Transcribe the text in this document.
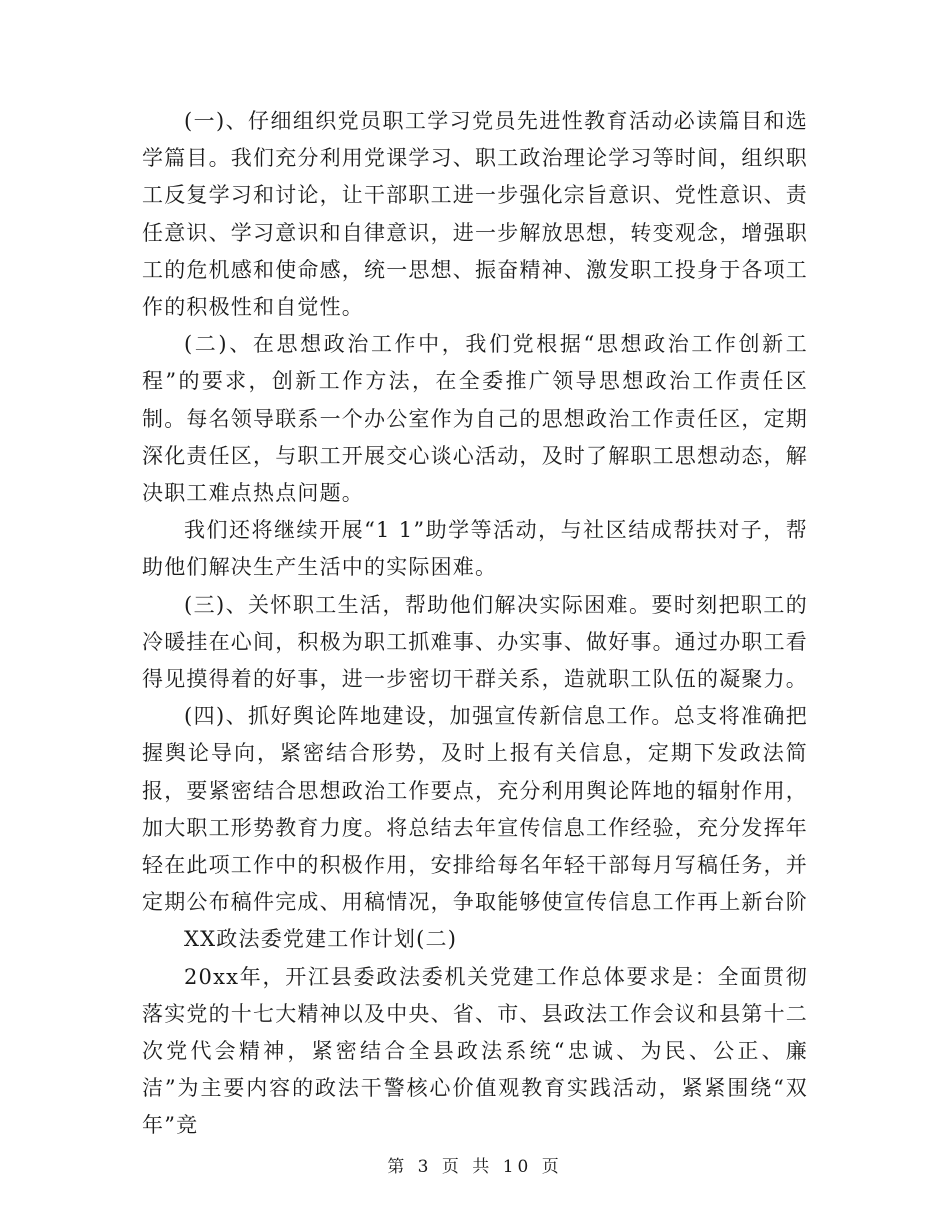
(一)、仔细组织党员职工学习党员先进性教育活动必读篇目和选学篇目。我们充分利用党课学习、职工政治理论学习等时间，组织职工反复学习和讨论，让干部职工进一步强化宗旨意识、党性意识、责任意识、学习意识和自律意识，进一步解放思想，转变观念，增强职工的危机感和使命感，统一思想、振奋精神、激发职工投身于各项工作的积极性和自觉性。

(二)、在思想政治工作中，我们党根据“思想政治工作创新工程”的要求，创新工作方法，在全委推广领导思想政治工作责任区制。每名领导联系一个办公室作为自己的思想政治工作责任区，定期深化责任区，与职工开展交心谈心活动，及时了解职工思想动态，解决职工难点热点问题。

我们还将继续开展“1 1”助学等活动，与社区结成帮扶对子，帮助他们解决生产生活中的实际困难。

(三)、关怀职工生活，帮助他们解决实际困难。要时刻把职工的冷暖挂在心间，积极为职工抓难事、办实事、做好事。通过办职工看得见摸得着的好事，进一步密切干群关系，造就职工队伍的凝聚力。

(四)、抓好舆论阵地建设，加强宣传新信息工作。总支将准确把握舆论导向，紧密结合形势，及时上报有关信息，定期下发政法简报，要紧密结合思想政治工作要点，充分利用舆论阵地的辐射作用，加大职工形势教育力度。将总结去年宣传信息工作经验，充分发挥年轻在此项工作中的积极作用，安排给每名年轻干部每月写稿任务，并定期公布稿件完成、用稿情况，争取能够使宣传信息工作再上新台阶

XX政法委党建工作计划(二)

20xx年，开江县委政法委机关党建工作总体要求是：全面贯彻落实党的十七大精神以及中央、省、市、县政法工作会议和县第十二次党代会精神，紧密结合全县政法系统“忠诚、为民、公正、廉洁”为主要内容的政法干警核心价值观教育实践活动，紧紧围绕“双年”竞

第 3 页 共 10 页
